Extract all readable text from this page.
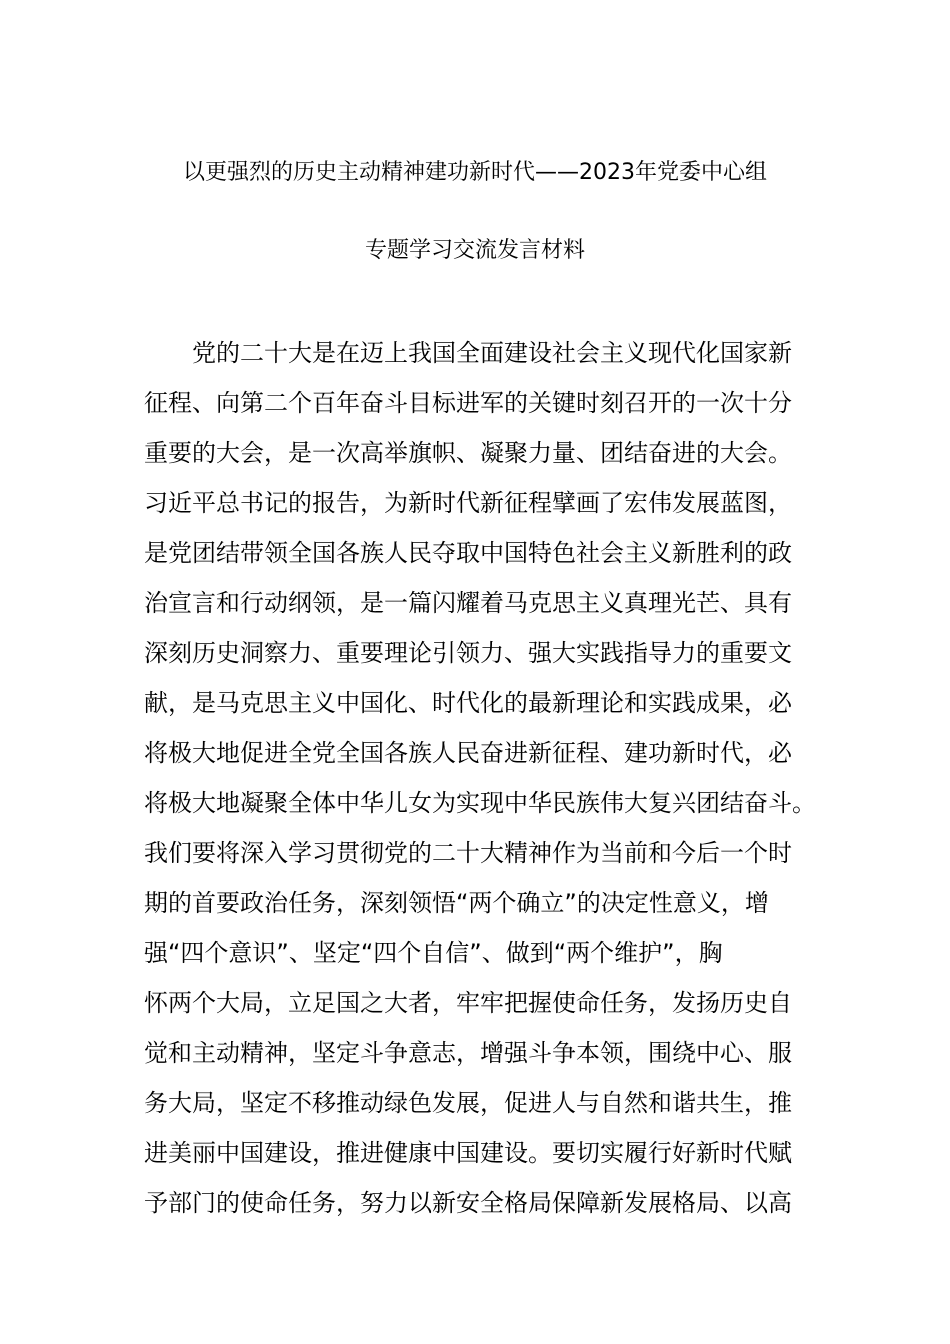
以更强烈的历史主动精神建功新时代——2023年党委中心组
专题学习交流发言材料
　　党的二十大是在迈上我国全面建设社会主义现代化国家新
征程、向第二个百年奋斗目标进军的关键时刻召开的一次十分
重要的大会，是一次高举旗帜、凝聚力量、团结奋进的大会。
习近平总书记的报告，为新时代新征程擘画了宏伟发展蓝图，
是党团结带领全国各族人民夺取中国特色社会主义新胜利的政
治宣言和行动纲领，是一篇闪耀着马克思主义真理光芒、具有
深刻历史洞察力、重要理论引领力、强大实践指导力的重要文
献，是马克思主义中国化、时代化的最新理论和实践成果，必
将极大地促进全党全国各族人民奋进新征程、建功新时代，必
将极大地凝聚全体中华儿女为实现中华民族伟大复兴团结奋斗。
我们要将深入学习贯彻党的二十大精神作为当前和今后一个时
期的首要政治任务，深刻领悟“两个确立”的决定性意义，增
强“四个意识”、坚定“四个自信”、做到“两个维护”，胸
怀两个大局，立足国之大者，牢牢把握使命任务，发扬历史自
觉和主动精神，坚定斗争意志，增强斗争本领，围绕中心、服
务大局，坚定不移推动绿色发展，促进人与自然和谐共生，推
进美丽中国建设，推进健康中国建设。要切实履行好新时代赋
予部门的使命任务，努力以新安全格局保障新发展格局、以高
